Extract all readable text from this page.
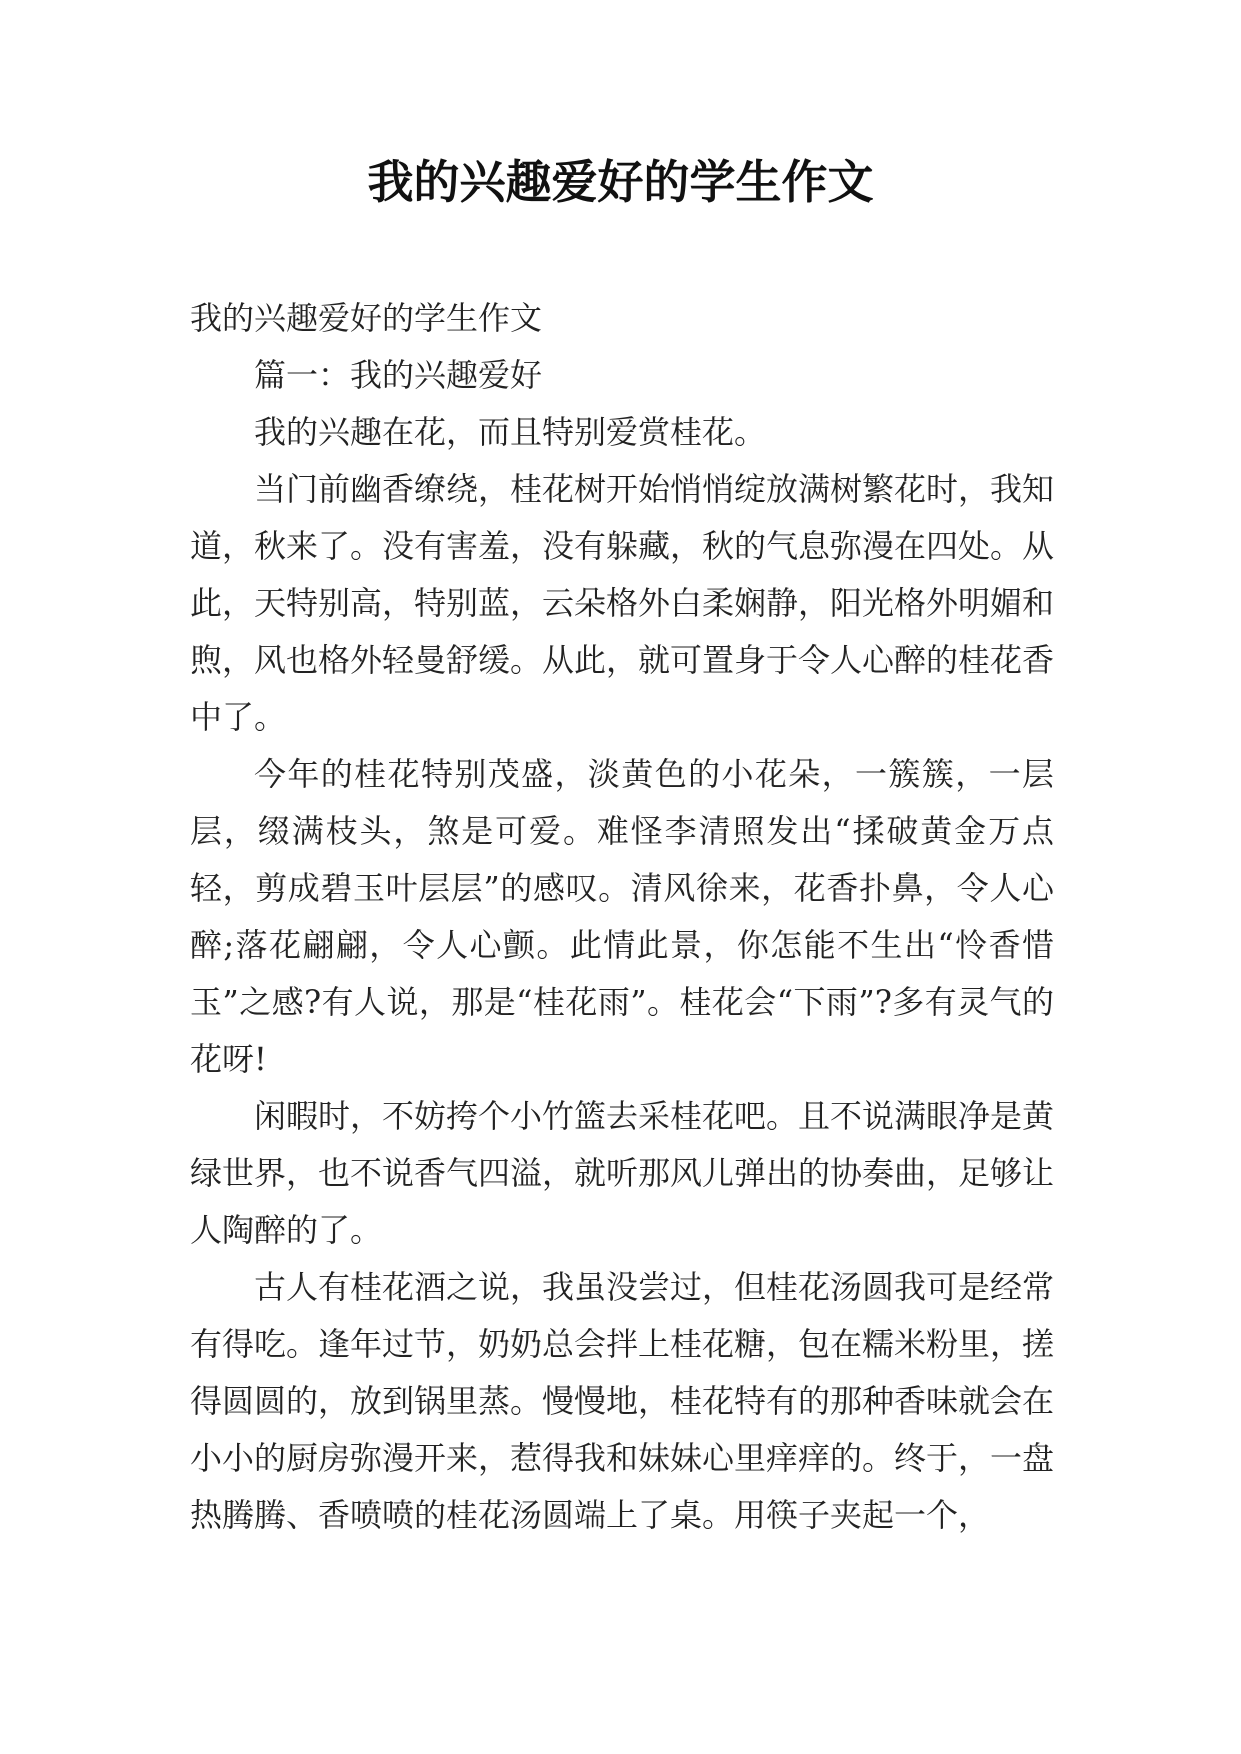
我的兴趣爱好的学生作文

我的兴趣爱好的学生作文

篇一：我的兴趣爱好

我的兴趣在花，而且特别爱赏桂花。

当门前幽香缭绕，桂花树开始悄悄绽放满树繁花时，我知道，秋来了。没有害羞，没有躲藏，秋的气息弥漫在四处。从此，天特别高，特别蓝，云朵格外白柔娴静，阳光格外明媚和煦，风也格外轻曼舒缓。从此，就可置身于令人心醉的桂花香中了。

今年的桂花特别茂盛，淡黄色的小花朵，一簇簇，一层层，缀满枝头，煞是可爱。难怪李清照发出“揉破黄金万点轻，剪成碧玉叶层层”的感叹。清风徐来，花香扑鼻，令人心醉;落花翩翩，令人心颤。此情此景，你怎能不生出“怜香惜玉”之感?有人说，那是“桂花雨”。桂花会“下雨”?多有灵气的花呀!

闲暇时，不妨挎个小竹篮去采桂花吧。且不说满眼净是黄绿世界，也不说香气四溢，就听那风儿弹出的协奏曲，足够让人陶醉的了。

古人有桂花酒之说，我虽没尝过，但桂花汤圆我可是经常有得吃。逢年过节，奶奶总会拌上桂花糖，包在糯米粉里，搓得圆圆的，放到锅里蒸。慢慢地，桂花特有的那种香味就会在小小的厨房弥漫开来，惹得我和妹妹心里痒痒的。终于，一盘热腾腾、香喷喷的桂花汤圆端上了桌。用筷子夹起一个，
